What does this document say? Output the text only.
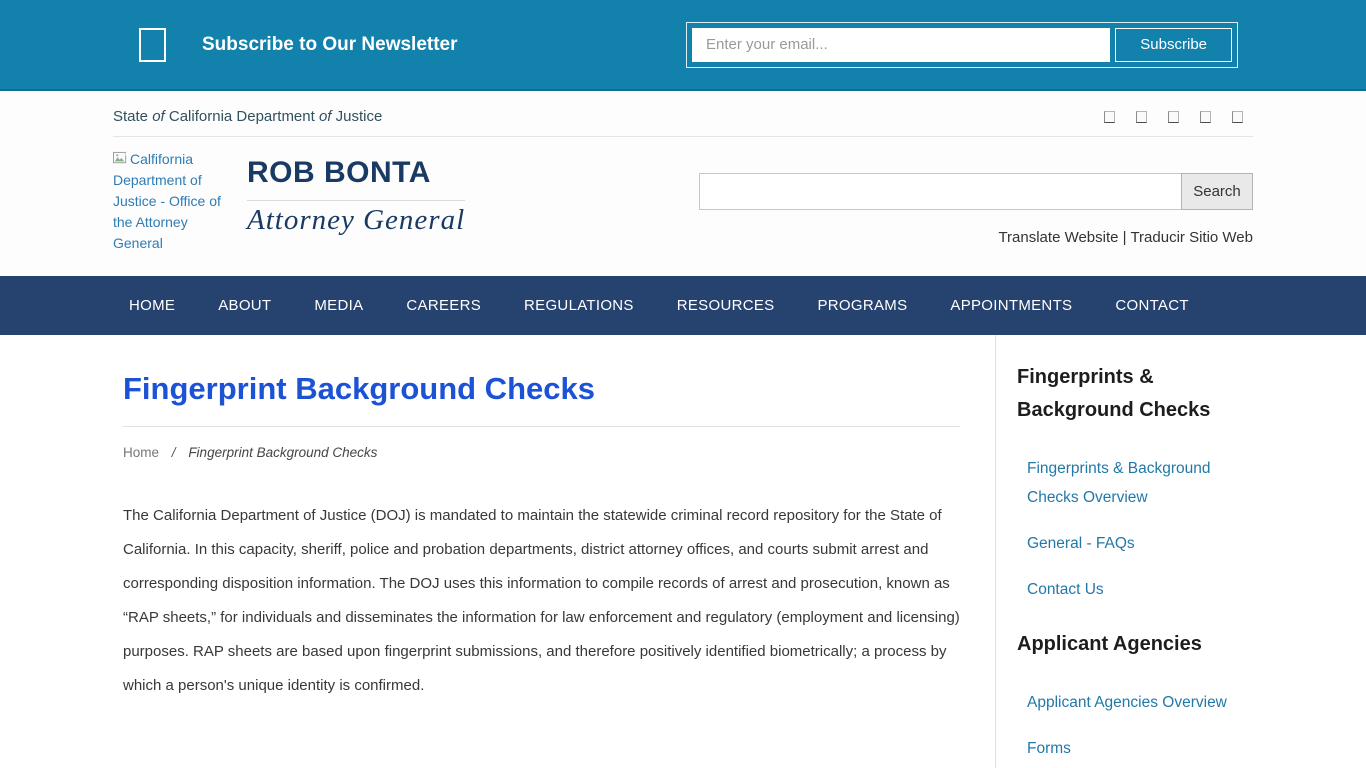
Subscribe to Our Newsletter
Enter your email...	Subscribe
State of California Department of Justice
Calfifornia Department of Justice - Office of the Attorney General
ROB BONTA
Attorney General
Search
Translate Website | Traducir Sitio Web
HOME	ABOUT	MEDIA	CAREERS	REGULATIONS	RESOURCES	PROGRAMS	APPOINTMENTS	CONTACT
Fingerprint Background Checks
Home / Fingerprint Background Checks

The California Department of Justice (DOJ) is mandated to maintain the statewide criminal record repository for the State of California. In this capacity, sheriff, police and probation departments, district attorney offices, and courts submit arrest and corresponding disposition information. The DOJ uses this information to compile records of arrest and prosecution, known as “RAP sheets,” for individuals and disseminates the information for law enforcement and regulatory (employment and licensing) purposes. RAP sheets are based upon fingerprint submissions, and therefore positively identified biometrically; a process by which a person's unique identity is confirmed.

Fingerprints & Background Checks
Fingerprints & Background Checks Overview
General - FAQs
Contact Us
Applicant Agencies
Applicant Agencies Overview
Forms
